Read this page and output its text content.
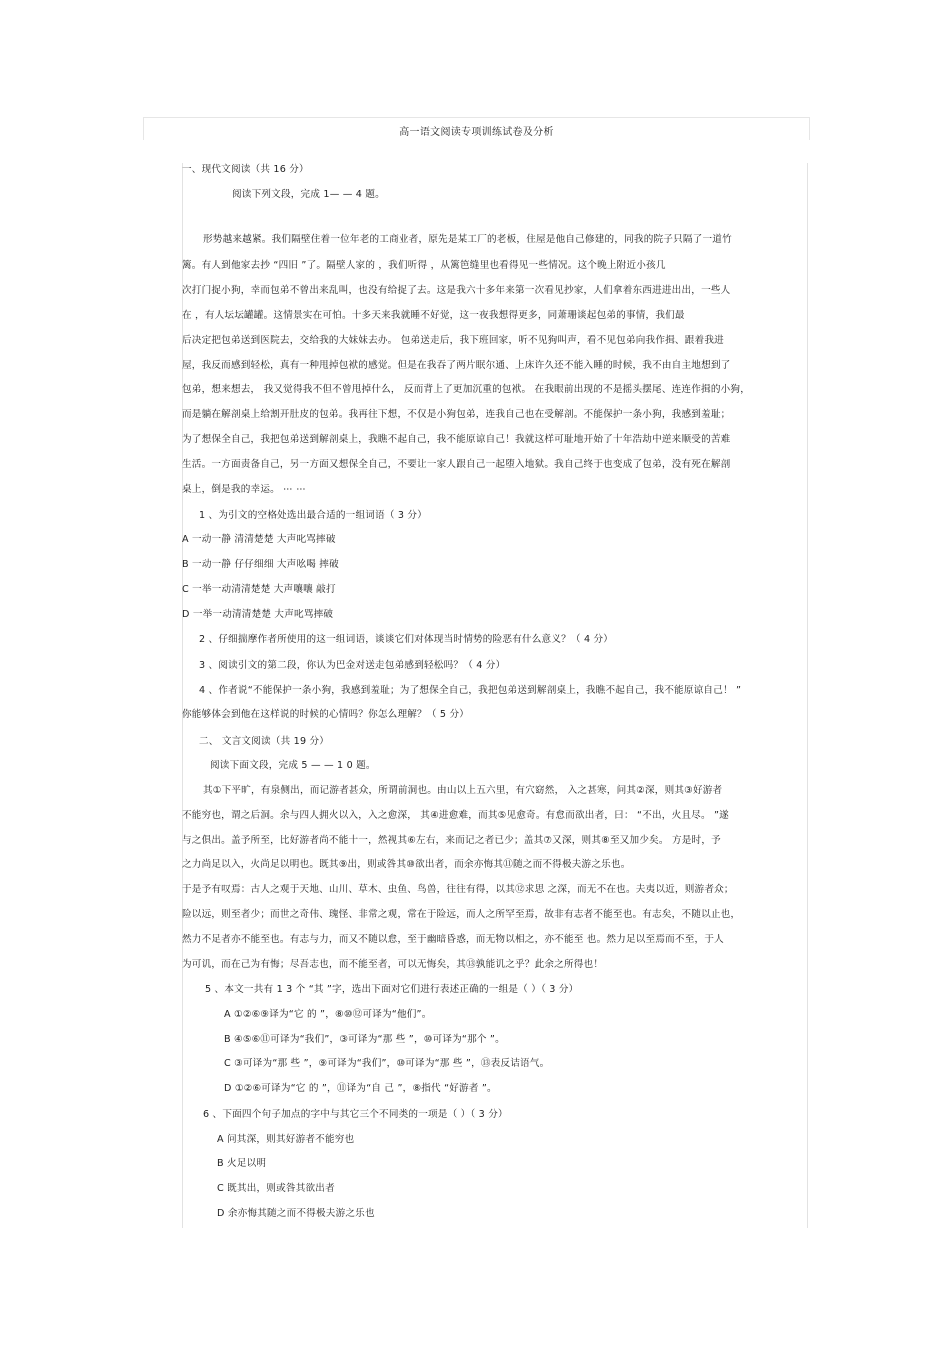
高一语文阅读专项训练试卷及分析
一、现代文阅读（共 16 分）
阅读下列文段，完成 1— — 4 题。
形势越来越紧。我们隔壁住着一位年老的工商业者，原先是某工厂的老板，住屋是他自己修建的，同我的院子只隔了一道竹
篱。有人到他家去抄 “四旧 ”了。隔壁人家的 ，我们听得 ，从篱笆缝里也看得见一些情况。这个晚上附近小孩几
次打门捉小狗，幸而包弟不曾出来乱叫，也没有给捉了去。这是我六十多年来第一次看见抄家，人们拿着东西进进出出，一些人
在 ，有人坛坛罐罐。这情景实在可怕。十多天来我就睡不好觉，这一夜我想得更多，同萧珊谈起包弟的事情，我们最
后决定把包弟送到医院去，交给我的大妹妹去办。 包弟送走后，我下班回家，听不见狗叫声，看不见包弟向我作揖、跟着我进
屋，我反而感到轻松，真有一种甩掉包袱的感觉。但是在我吞了两片眠尔通、上床许久还不能入睡的时候，我不由自主地想到了
包弟，想来想去， 我又觉得我不但不曾甩掉什么， 反而背上了更加沉重的包袱。 在我眼前出现的不是摇头摆尾、连连作揖的小狗，
而是躺在解剖桌上给割开肚皮的包弟。我再往下想，不仅是小狗包弟，连我自己也在受解剖。不能保护一条小狗，我感到羞耻；
为了想保全自己，我把包弟送到解剖桌上，我瞧不起自己，我不能原谅自己！我就这样可耻地开始了十年浩劫中逆来顺受的苦难
生活。一方面责备自己，另一方面又想保全自己，不要让一家人跟自己一起堕入地狱。我自己终于也变成了包弟，没有死在解剖
桌上，倒是我的幸运。 ⋯ ⋯
1 、为引文的空格处选出最合适的一组词语（ 3 分）
A 一动一静 清清楚楚 大声叱骂摔破
B 一动一静 仔仔细细 大声吆喝 摔破
C 一举一动清清楚楚 大声嚷嚷 敲打
D 一举一动清清楚楚 大声叱骂摔破
2 、仔细揣摩作者所使用的这一组词语，谈谈它们对体现当时情势的险恶有什么意义？（ 4 分）
3 、阅读引文的第二段，你认为巴金对送走包弟感到轻松吗？（ 4 分）
4 、作者说“不能保护一条小狗，我感到羞耻；为了想保全自己，我把包弟送到解剖桌上，我瞧不起自己，我不能原谅自己！ ”
你能够体会到他在这样说的时候的心情吗？你怎么理解？（ 5 分）
二、 文言文阅读（共 19 分）
阅读下面文段，完成 5 — — 1 0 题。
其①下平旷，有泉侧出，而记游者甚众，所谓前洞也。由山以上五六里，有穴窈然， 入之甚寒，问其②深，则其③好游者
不能穷也，谓之后洞。余与四人拥火以入，入之愈深， 其④进愈难，而其⑤见愈奇。有怠而欲出者，曰： “不出，火且尽。 ”遂
与之俱出。盖予所至，比好游者尚不能十一，然视其⑥左右，来而记之者已少；盖其⑦又深，则其⑧至又加少矣。 方是时，予
之力尚足以入，火尚足以明也。既其⑨出，则或咎其⑩欲出者，而余亦悔其⑪随之而不得极夫游之乐也。
于是予有叹焉：古人之观于天地、山川、草木、虫鱼、鸟兽，往往有得，以其⑫求思 之深，而无不在也。夫夷以近，则游者众；
险以远，则至者少；而世之奇伟、瑰怪、非常之观，常在于险远，而人之所罕至焉，故非有志者不能至也。有志矣，不随以止也，
然力不足者亦不能至也。有志与力，而又不随以怠，至于幽暗昏惑，而无物以相之，亦不能至 也。然力足以至焉而不至，于人
为可讥，而在己为有悔；尽吾志也，而不能至者，可以无悔矣，其⑬孰能讥之乎？此余之所得也！
5 、本文一共有 1 3 个 “其 ”字，选出下面对它们进行表述正确的一组是（ ）（ 3 分）
A ①②⑥⑨译为“它 的 ”，⑧⑩⑫可译为“他们”。
B ④⑤⑥⑪可译为“我们”，③可译为“那 些 ”，⑩可译为“那个 ”。
C ③可译为“那 些 ”，⑨可译为“我们”，⑩可译为“那 些 ”，⑬表反诘语气。
D ①②⑥可译为“它 的 ”，⑪译为“自 己 ”，⑧指代 “好游者 ”。
6 、下面四个句子加点的字中与其它三个不同类的一项是（ ）（ 3 分）
A 问其深，则其好游者不能穷也
B 火足以明
C 既其出，则或咎其欲出者
D 余亦悔其随之而不得极夫游之乐也
